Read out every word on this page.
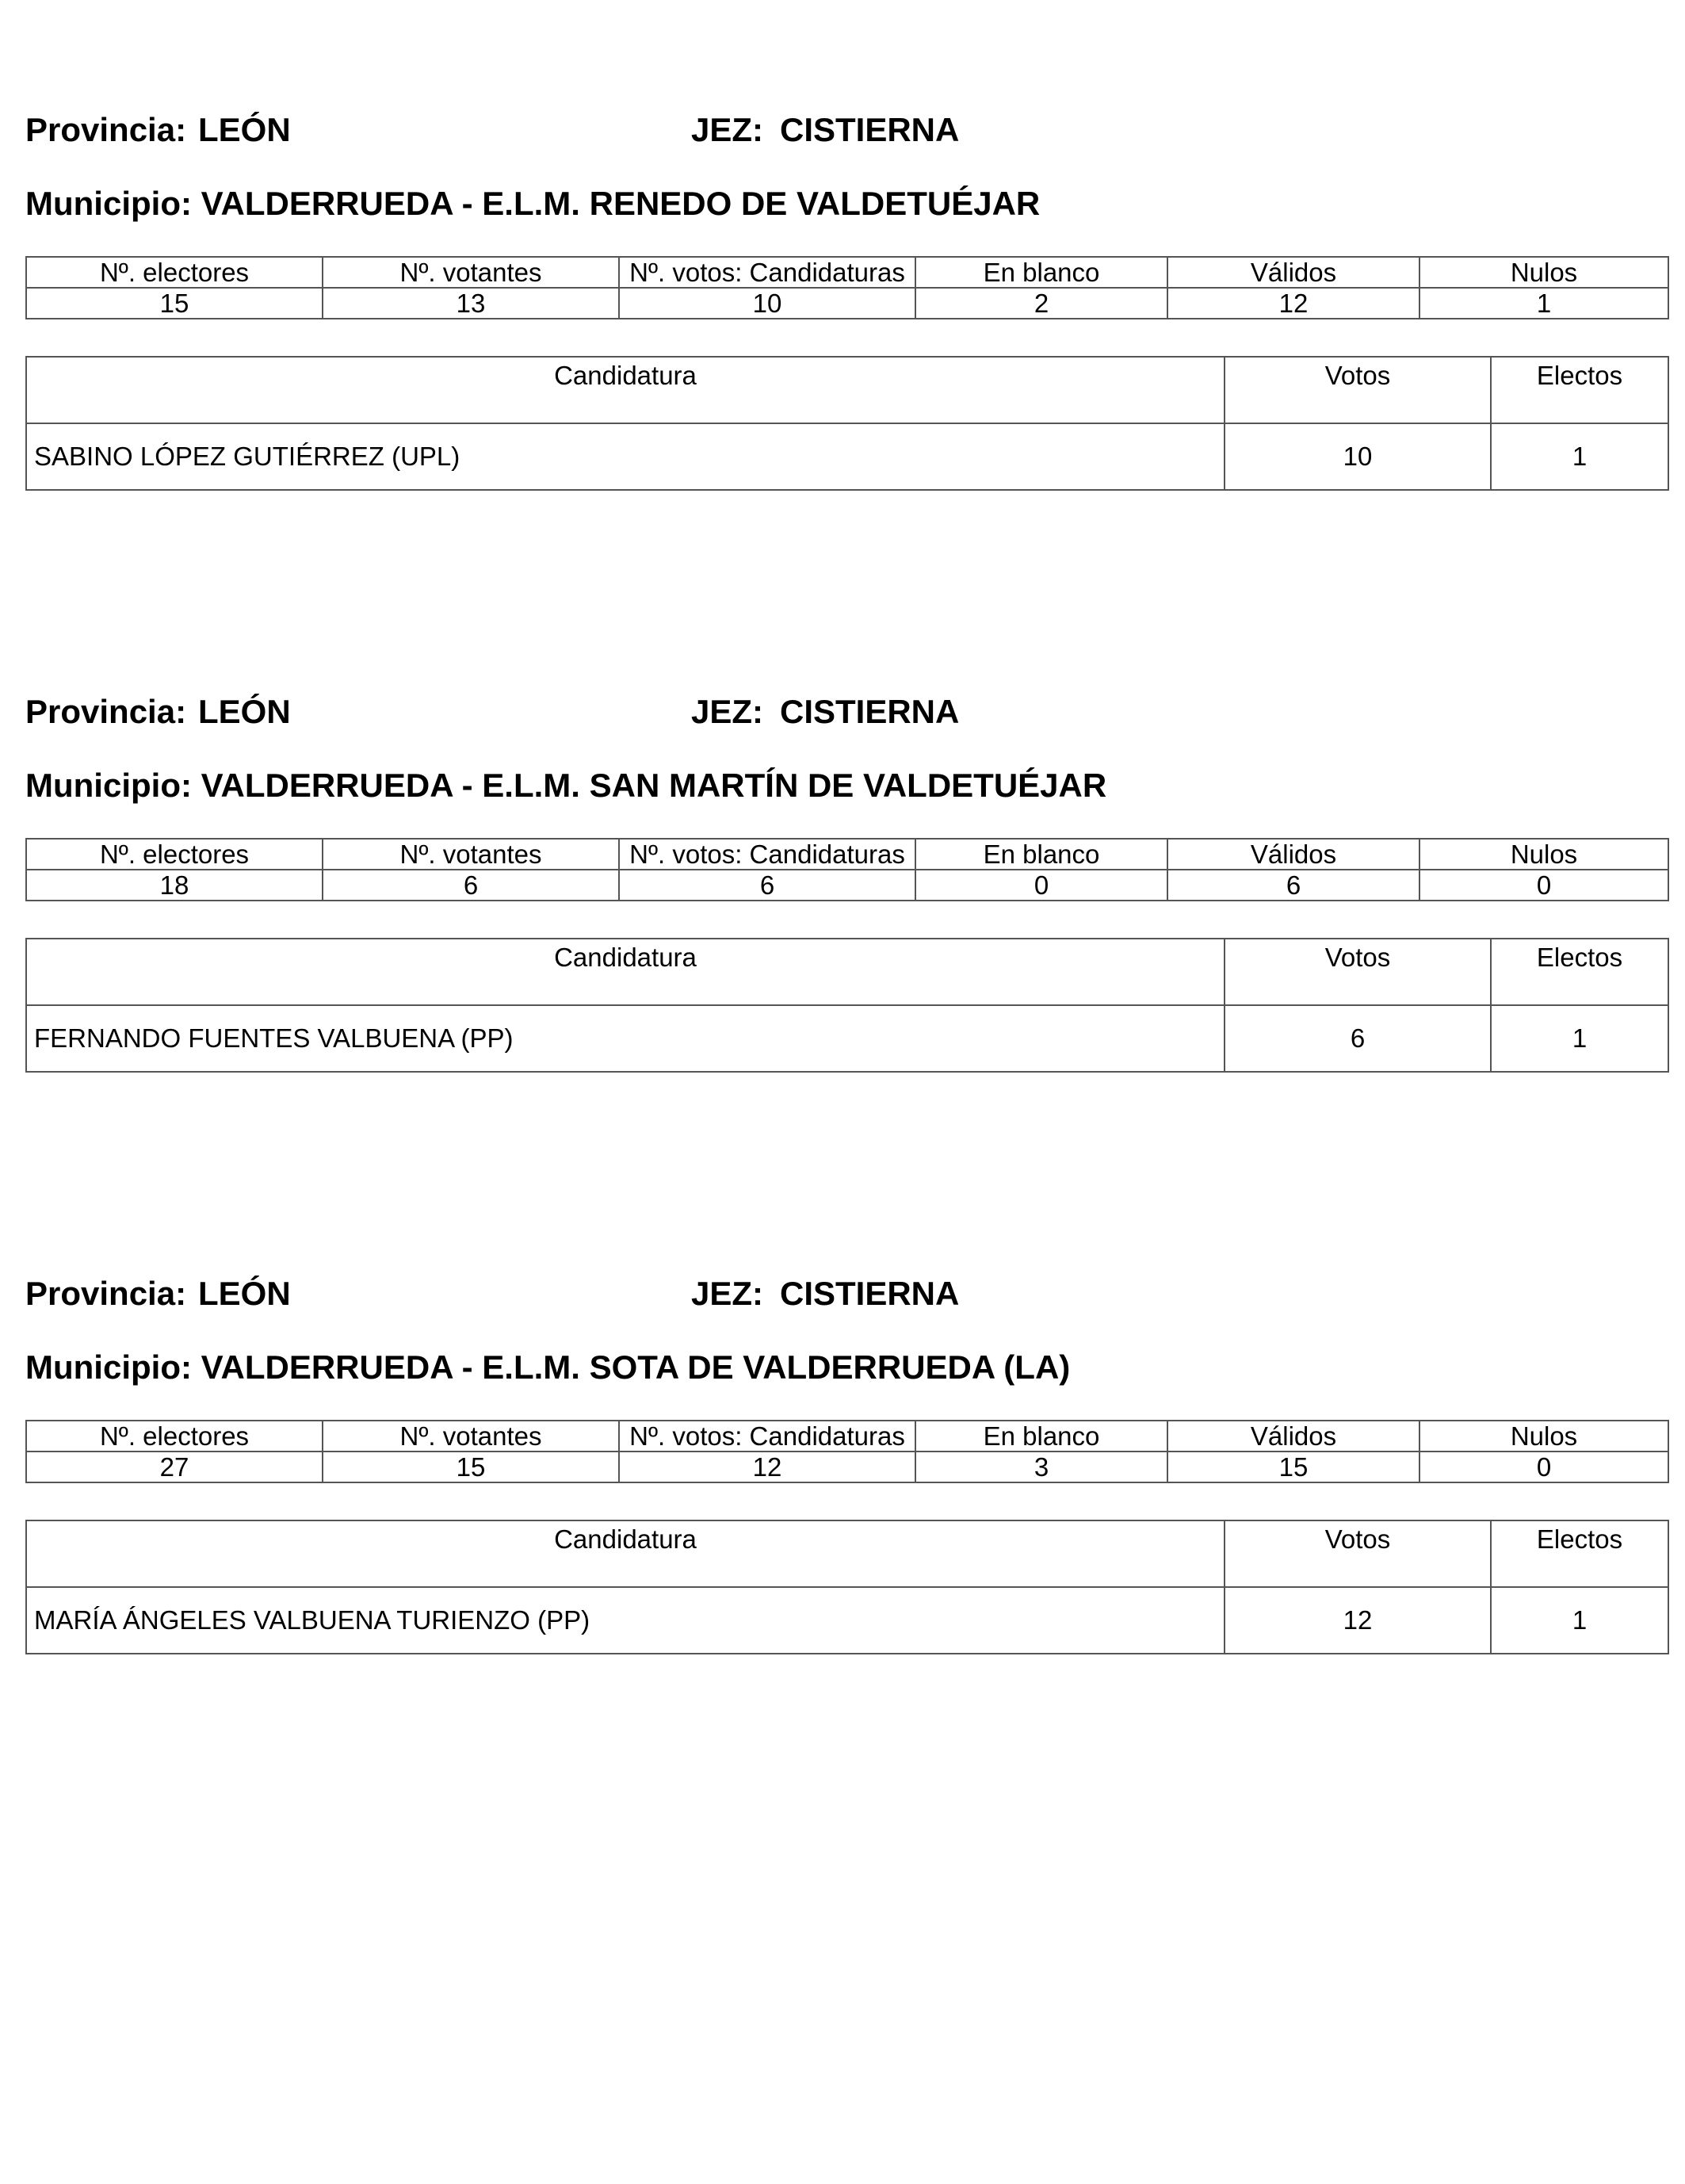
Provincia: LEÓN	JEZ: CISTIERNA
Municipio: VALDERRUEDA - E.L.M. RENEDO DE VALDETUÉJAR
Nº. electores	Nº. votantes	Nº. votos: Candidaturas	En blanco	Válidos	Nulos
15	13	10	2	12	1
Candidatura	Votos	Electos
SABINO LÓPEZ GUTIÉRREZ (UPL)	10	1
Provincia: LEÓN	JEZ: CISTIERNA
Municipio: VALDERRUEDA - E.L.M. SAN MARTÍN DE VALDETUÉJAR
Nº. electores	Nº. votantes	Nº. votos: Candidaturas	En blanco	Válidos	Nulos
18	6	6	0	6	0
Candidatura	Votos	Electos
FERNANDO FUENTES VALBUENA (PP)	6	1
Provincia: LEÓN	JEZ: CISTIERNA
Municipio: VALDERRUEDA - E.L.M. SOTA DE VALDERRUEDA (LA)
Nº. electores	Nº. votantes	Nº. votos: Candidaturas	En blanco	Válidos	Nulos
27	15	12	3	15	0
Candidatura	Votos	Electos
MARÍA ÁNGELES VALBUENA TURIENZO (PP)	12	1
